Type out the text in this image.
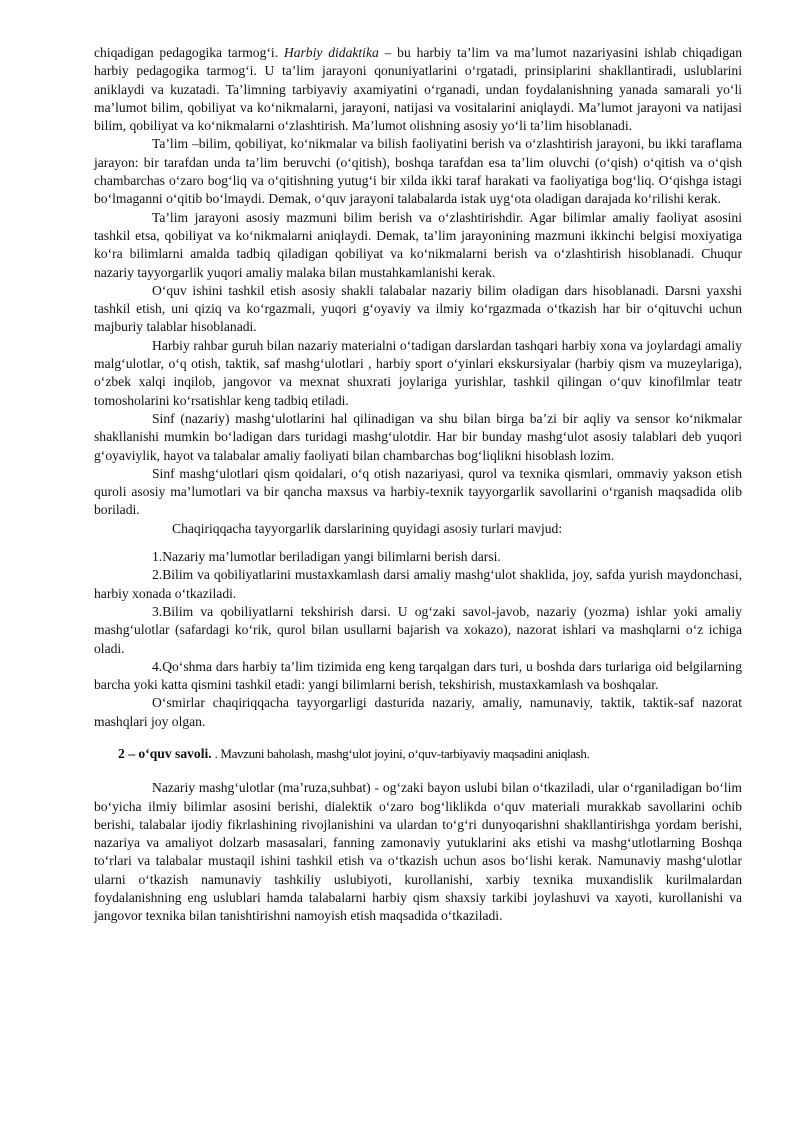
chiqadigan pedagogika tarmog‘i. Harbiy didaktika – bu harbiy ta’lim va ma’lumot nazariyasini ishlab chiqadigan harbiy pedagogika tarmog‘i. U ta’lim jarayoni qonuniyatlarini o‘rgatadi, prinsiplarini shakllantiradi, uslublarini aniklaydi va kuzatadi. Ta’limning tarbiyaviy axamiyatini o‘rganadi, undan foydalanishning yanada samarali yo‘li ma’lumot bilim, qobiliyat va ko‘nikmalarni, jarayoni, natijasi va vositalarini aniqlaydi. Ma’lumot jarayoni va natijasi bilim, qobiliyat va ko‘nikmalarni o‘zlashtirish. Ma’lumot olishning asosiy yo‘li ta’lim hisoblanadi.

Ta’lim –bilim, qobiliyat, ko‘nikmalar va bilish faoliyatini berish va o‘zlashtirish jarayoni, bu ikki taraflama jarayon: bir tarafdan unda ta’lim beruvchi (o‘qitish), boshqa tarafdan esa ta’lim oluvchi (o‘qish) o‘qitish va o‘qish chambarchas o‘zaro bog‘liq va o‘qitishning yutug‘i bir xilda ikki taraf harakati va faoliyatiga bog‘liq. O‘qishga istagi bo‘lmaganni o‘qitib bo‘lmaydi. Demak, o‘quv jarayoni talabalarda istak uyg‘ota oladigan darajada ko‘rilishi kerak.

Ta’lim jarayoni asosiy mazmuni bilim berish va o‘zlashtirishdir. Agar bilimlar amaliy faoliyat asosini tashkil etsa, qobiliyat va ko‘nikmalarni aniqlaydi. Demak, ta’lim jarayonining mazmuni ikkinchi belgisi moxiyatiga ko‘ra bilimlarni amalda tadbiq qiladigan qobiliyat va ko‘nikmalarni berish va o‘zlashtirish hisoblanadi. Chuqur nazariy tayyorgarlik yuqori amaliy malaka bilan mustahkamlanishi kerak.

O‘quv ishini tashkil etish asosiy shakli talabalar nazariy bilim oladigan dars hisoblanadi. Darsni yaxshi tashkil etish, uni qiziq va ko‘rgazmali, yuqori g‘oyaviy va ilmiy ko‘rgazmada o‘tkazish har bir o‘qituvchi uchun majburiy talablar hisoblanadi.

Harbiy rahbar guruh bilan nazariy materialni o‘tadigan darslardan tashqari harbiy xona va joylardagi amaliy malg‘ulotlar, o‘q otish, taktik, saf mashg‘ulotlari , harbiy sport o‘yinlari ekskursiyalar (harbiy qism va muzeylariga), o‘zbek xalqi inqilob, jangovor va mexnat shuxrati joylariga yurishlar, tashkil qilingan o‘quv kinofilmlar teatr tomosholarini ko‘rsatishlar keng tadbiq etiladi.

Sinf (nazariy) mashg‘ulotlarini hal qilinadigan va shu bilan birga ba’zi bir aqliy va sensor ko‘nikmalar shakllanishi mumkin bo‘ladigan dars turidagi mashg‘ulotdir. Har bir bunday mashg‘ulot asosiy talablari deb yuqori g‘oyaviylik, hayot va talabalar amaliy faoliyati bilan chambarchas bog‘liqlikni hisoblash lozim.

Sinf mashg‘ulotlari qism qoidalari, o‘q otish nazariyasi, qurol va texnika qismlari, ommaviy yakson etish quroli asosiy ma’lumotlari va bir qancha maxsus va harbiy-texnik tayyorgarlik savollarini o‘rganish maqsadida olib boriladi.

Chaqiriqqacha tayyorgarlik darslarining quyidagi asosiy turlari mavjud:

1.Nazariy ma’lumotlar beriladigan yangi bilimlarni berish darsi.

2.Bilim va qobiliyatlarini mustaxkamlash darsi amaliy mashg‘ulot shaklida, joy, safda yurish maydonchasi, harbiy xonada o‘tkaziladi.

3.Bilim va qobiliyatlarni tekshirish darsi. U og‘zaki savol-javob, nazariy (yozma) ishlar yoki amaliy mashg‘ulotlar (safardagi ko‘rik, qurol bilan usullarni bajarish va xokazo), nazorat ishlari va mashqlarni o‘z ichiga oladi.

4.Qo‘shma dars harbiy ta’lim tizimida eng keng tarqalgan dars turi, u boshda dars turlariga oid belgilarning barcha yoki katta qismini tashkil etadi: yangi bilimlarni berish, tekshirish, mustaxkamlash va boshqalar.

O‘smirlar chaqiriqqacha tayyorgarligi dasturida nazariy, amaliy, namunaviy, taktik, taktik-saf nazorat mashqlari joy olgan.

2 – o‘quv savoli. . Mavzuni baholash, mashg‘ulot joyini, o‘quv-tarbiyaviy maqsadini aniqlash.

Nazariy mashg‘ulotlar (ma’ruza,suhbat) - og‘zaki bayon uslubi bilan o‘tkaziladi, ular o‘rganiladigan bo‘lim bo‘yicha ilmiy bilimlar asosini berishi, dialektik o‘zaro bog‘liklikda o‘quv materiali murakkab savollarini ochib berishi, talabalar ijodiy fikrlashining rivojlanishini va ulardan to‘g‘ri dunyoqarishni shakllantirishga yordam berishi, nazariya va amaliyot dolzarb masasalari, fanning zamonaviy yutuklarini aks etishi va mashg‘utlotlarning Boshqa to‘rlari va talabalar mustaqil ishini tashkil etish va o‘tkazish uchun asos bo‘lishi kerak. Namunaviy mashg‘ulotlar ularni o‘tkazish namunaviy tashkiliy uslubiyoti, kurollanishi, xarbiy texnika muxandislik kurilmalardan foydalanishning eng uslublari hamda talabalarni harbiy qism shaxsiy tarkibi joylashuvi va xayoti, kurollanishi va jangovor texnika bilan tanishtirishni namoyish etish maqsadida o‘tkaziladi.
